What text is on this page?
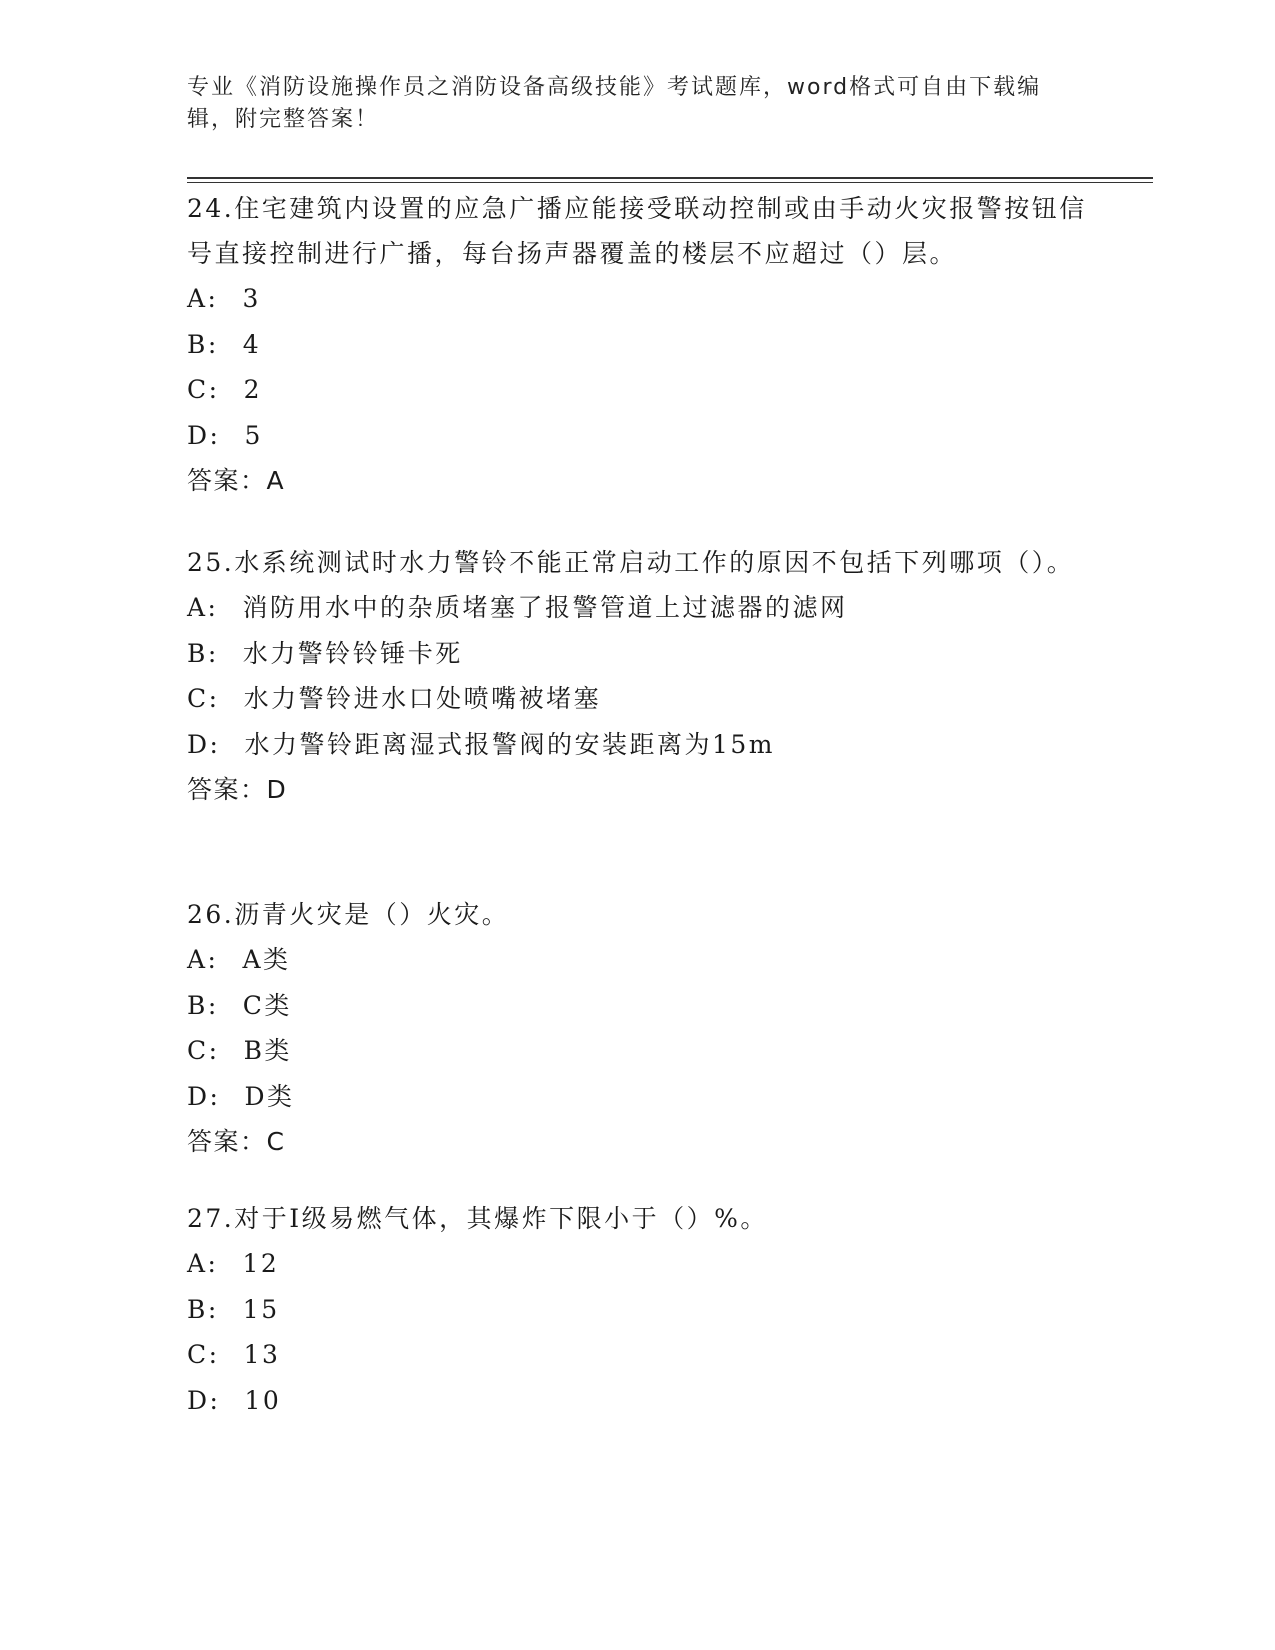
专业《消防设施操作员之消防设备高级技能》考试题库，word格式可自由下载编辑，附完整答案！

24.住宅建筑内设置的应急广播应能接受联动控制或由手动火灾报警按钮信号直接控制进行广播，每台扬声器覆盖的楼层不应超过（）层。

A: 3

B: 4

C: 2

D: 5

答案：A

25.水系统测试时水力警铃不能正常启动工作的原因不包括下列哪项（）。

A: 消防用水中的杂质堵塞了报警管道上过滤器的滤网

B: 水力警铃铃锤卡死

C: 水力警铃进水口处喷嘴被堵塞

D: 水力警铃距离湿式报警阀的安装距离为15m

答案：D

26.沥青火灾是（）火灾。

A: A类

B: C类

C: B类

D: D类

答案：C

27.对于Ⅰ级易燃气体，其爆炸下限小于（）%。

A: 12

B: 15

C: 13

D: 10
